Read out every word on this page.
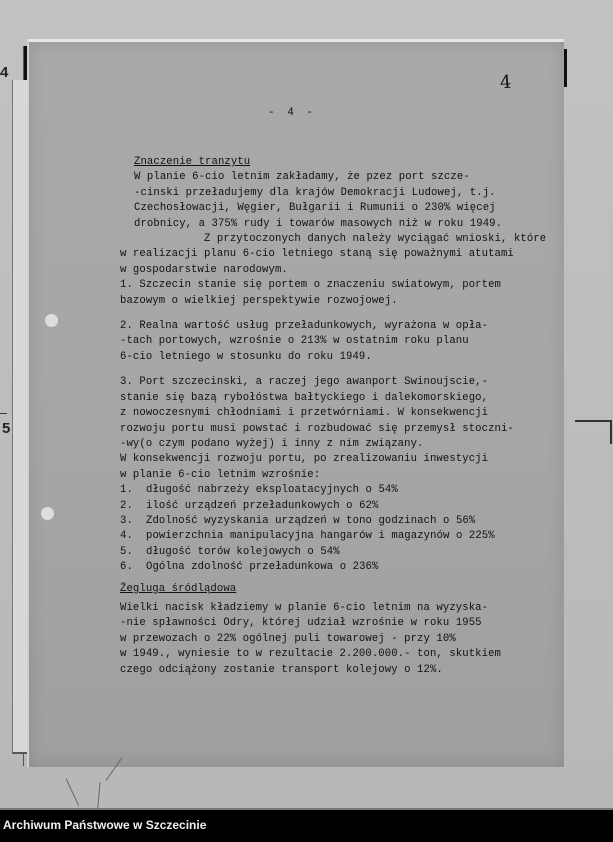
4
5
4
- 4 -
Znaczenie tranzytu
W planie 6-cio letnim zakładamy, że pzez port szcze-
-cinski przeładujemy dla krajów Demokracji Ludowej, t.j.
Czechosłowacji, Węgier, Bułgarii i Rumunii o 230% więcej
drobnicy, a 375% rudy i towarów masowych niż w roku 1949.
Z przytoczonych danych należy wyciągać wnioski, które
w realizacji planu 6-cio letniego staną się poważnymi atutami
w gospodarstwie narodowym.
1. Szczecin stanie się portem o znaczeniu swiatowym, portem
bazowym o wielkiej perspektywie rozwojowej.
2. Realna wartość usług przeładunkowych, wyrażona w opła-
-tach portowych, wzrośnie o 213% w ostatnim roku planu
6-cio letniego w stosunku do roku 1949.
3. Port szczecinski, a raczej jego awanport Swinoujscie,-
stanie się bazą rybołóstwa bałtyckiego i dalekomorskiego,
z nowoczesnymi chłodniami i przetwórniami. W konsekwencji
rozwoju portu musi powstać i rozbudować się przemysł stoczni-
-wy(o czym podano wyżej) i inny z nim związany.
W konsekwencji rozwoju portu, po zrealizowaniu inwestycji
w planie 6-cio letnim wzrośnie:
1.	długość nabrzeży eksploatacyjnych o 54%
2.	ilość urządzeń przeładunkowych o 62%
3.	Zdolność wyzyskania urządzeń w tono godzinach o 56%
4.	powierzchnia manipulacyjna hangarów i magazynów o 225%
5.	długość torów kolejowych o 54%
6.	Ogólna zdolność przeładunkowa o 236%
Żegluga śródlądowa
Wielki nacisk kładziemy w planie 6-cio letnim na wyzyska-
-nie spławności Odry, której udział wzrośnie w roku 1955
w przewozach o 22% ogólnej puli towarowej - przy 10%
w 1949., wyniesie to w rezultacie 2.200.000.- ton, skutkiem
czego odciążony zostanie transport kolejowy o 12%.
Archiwum Państwowe w Szczecinie
